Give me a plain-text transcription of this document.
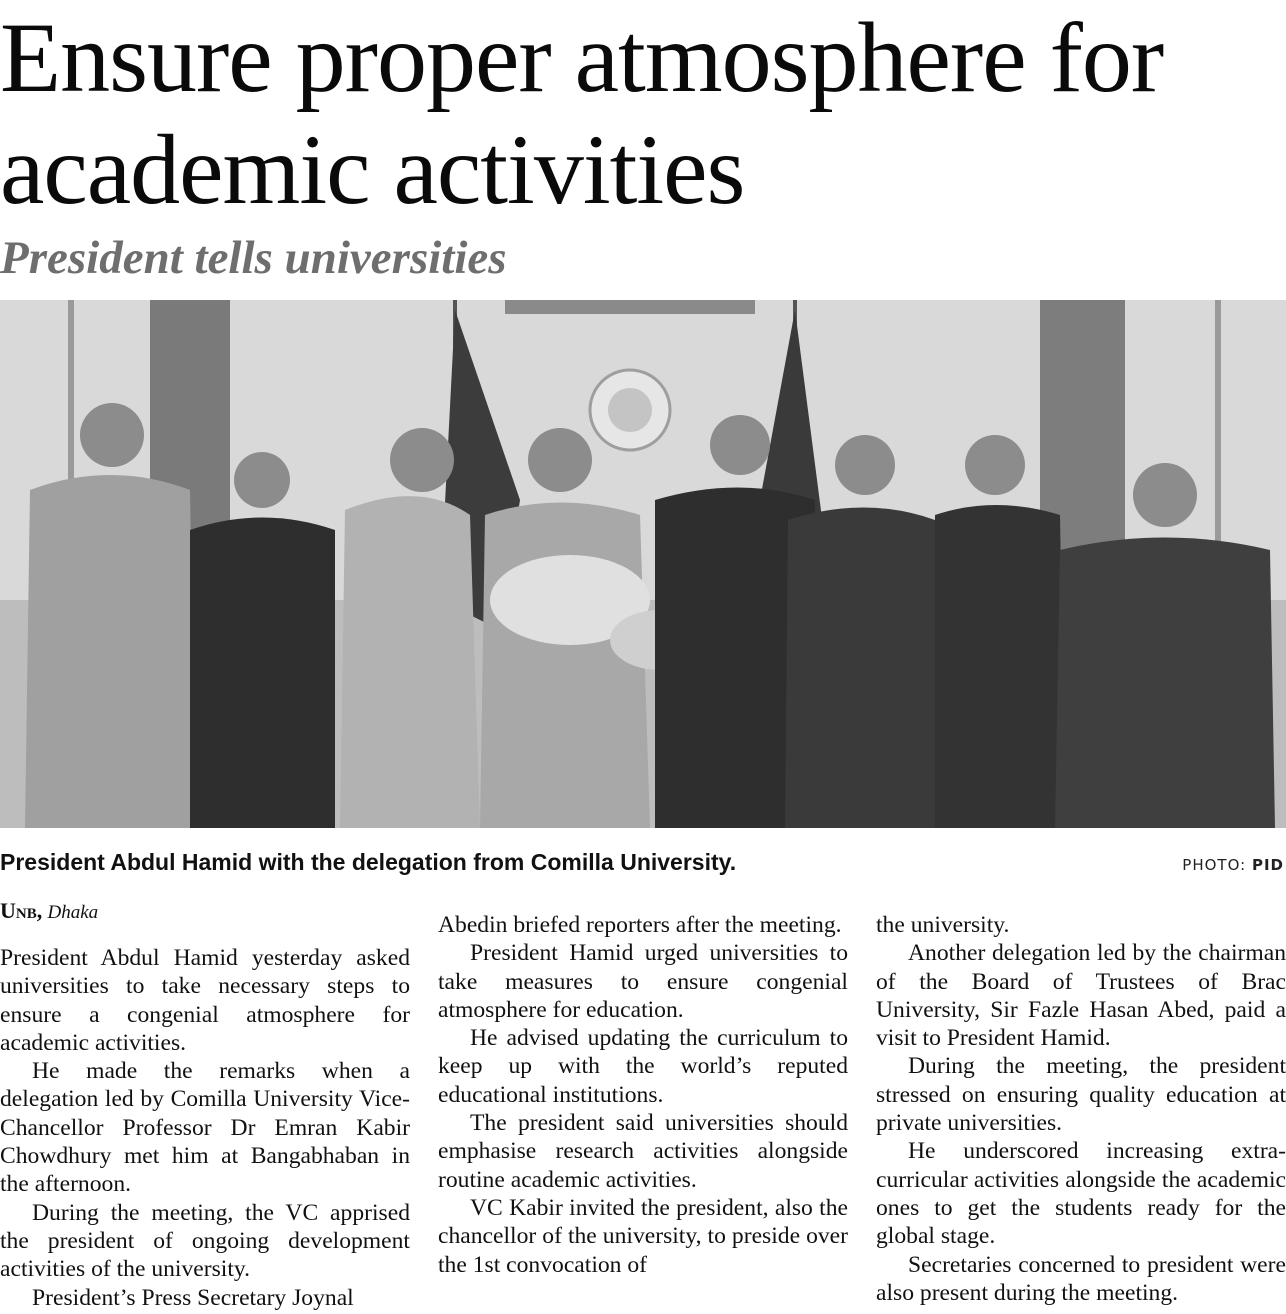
Ensure proper atmosphere for academic activities
President tells universities
President Abdul Hamid with the delegation from Comilla University.	PHOTO: PID
Unb, Dhaka

President Abdul Hamid yesterday asked universities to take necessary steps to ensure a congenial atmosphere for academic activities.

He made the remarks when a delegation led by Comilla University Vice-Chancellor Professor Dr Emran Kabir Chowdhury met him at Bangabhaban in the afternoon.

During the meeting, the VC apprised the president of ongoing development activities of the university.

President’s Press Secretary Joynal

Abedin briefed reporters after the meeting.

President Hamid urged universities to take measures to ensure congenial atmosphere for education.

He advised updating the curriculum to keep up with the world’s reputed educational institutions.

The president said universities should emphasise research activities alongside routine academic activities.

VC Kabir invited the president, also the chancellor of the university, to preside over the 1st convocation of

the university.

Another delegation led by the chairman of the Board of Trustees of Brac University, Sir Fazle Hasan Abed, paid a visit to President Hamid.

During the meeting, the president stressed on ensuring quality education at private universities.

He underscored increasing extra-curricular activities alongside the academic ones to get the students ready for the global stage.

Secretaries concerned to president were also present during the meeting.
